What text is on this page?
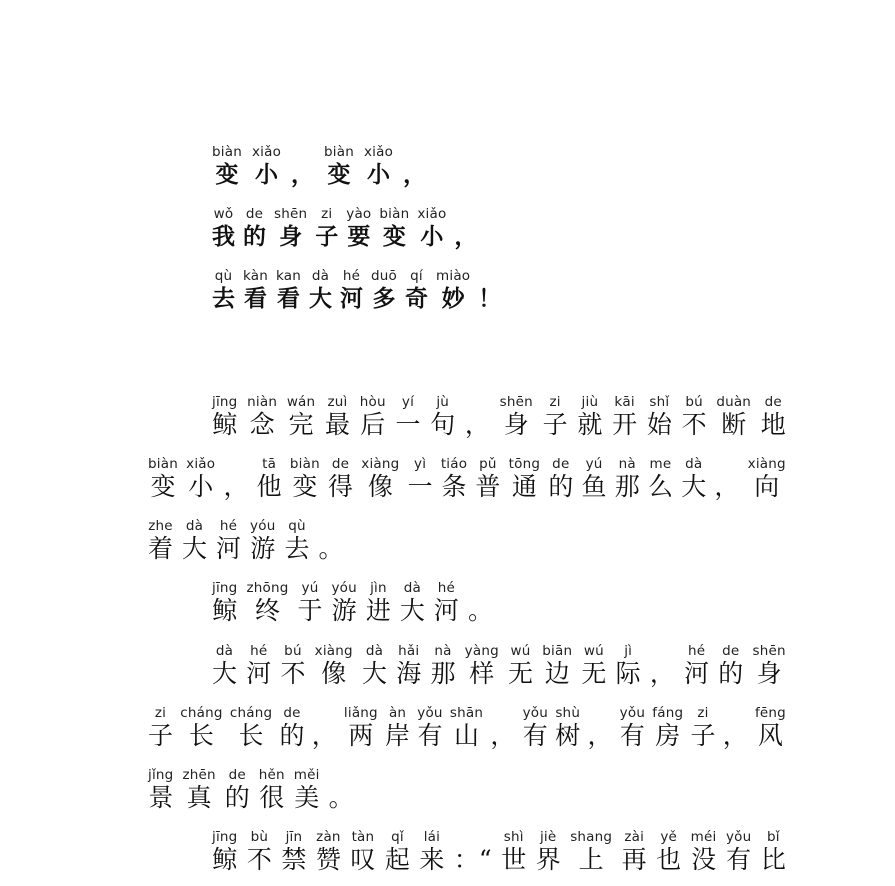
biàn
变
xiǎo
小 ，
biàn
变
xiǎo
小 ，
wǒ
我
de
的
shēn
身
zi
子
yào
要
biàn
变
xiǎo
小 ，
qù
去
kàn
看
kan
看
dà
大
hé
河
duō
多
qí
奇
miào
妙 ！
jīng
鲸
niàn
念
wán
完
zuì
最
hòu
后
yí
一
jù
句 ，
shēn
身
zi
子
jiù
就
kāi
开
shǐ
始
bú
不
duàn
断
de
地
biàn
变
xiǎo
小 ，
tā
他
biàn
变
de
得
xiàng
像
yì
一
tiáo
条
pǔ
普
tōng
通
de
的
yú
鱼
nà
那
me
么
dà
大 ，
xiàng
向
zhe
着
dà
大
hé
河
yóu
游
qù
去 。
jīng
鲸
zhōng
终
yú
于
yóu
游
jìn
进
dà
大
hé
河 。
dà
大
hé
河
bú
不
xiàng
像
dà
大
hǎi
海
nà
那
yàng
样
wú
无
biān
边
wú
无
jì
际 ，
hé
河
de
的
shēn
身
zi
子
cháng
长
cháng
长
de
的 ，
liǎng
两
àn
岸
yǒu
有
shān
山 ，
yǒu
有
shù
树 ，
yǒu
有
fáng
房
zi
子 ，
fēng
风
jǐng
景
zhēn
真
de
的
hěn
很
měi
美 。
jīng
鲸
bù
不
jīn
禁
zàn
赞
tàn
叹
qǐ
起
lái
来 ：“
shì
世
jiè
界
shang
上
zài
再
yě
也
méi
没
yǒu
有
bǐ
比
